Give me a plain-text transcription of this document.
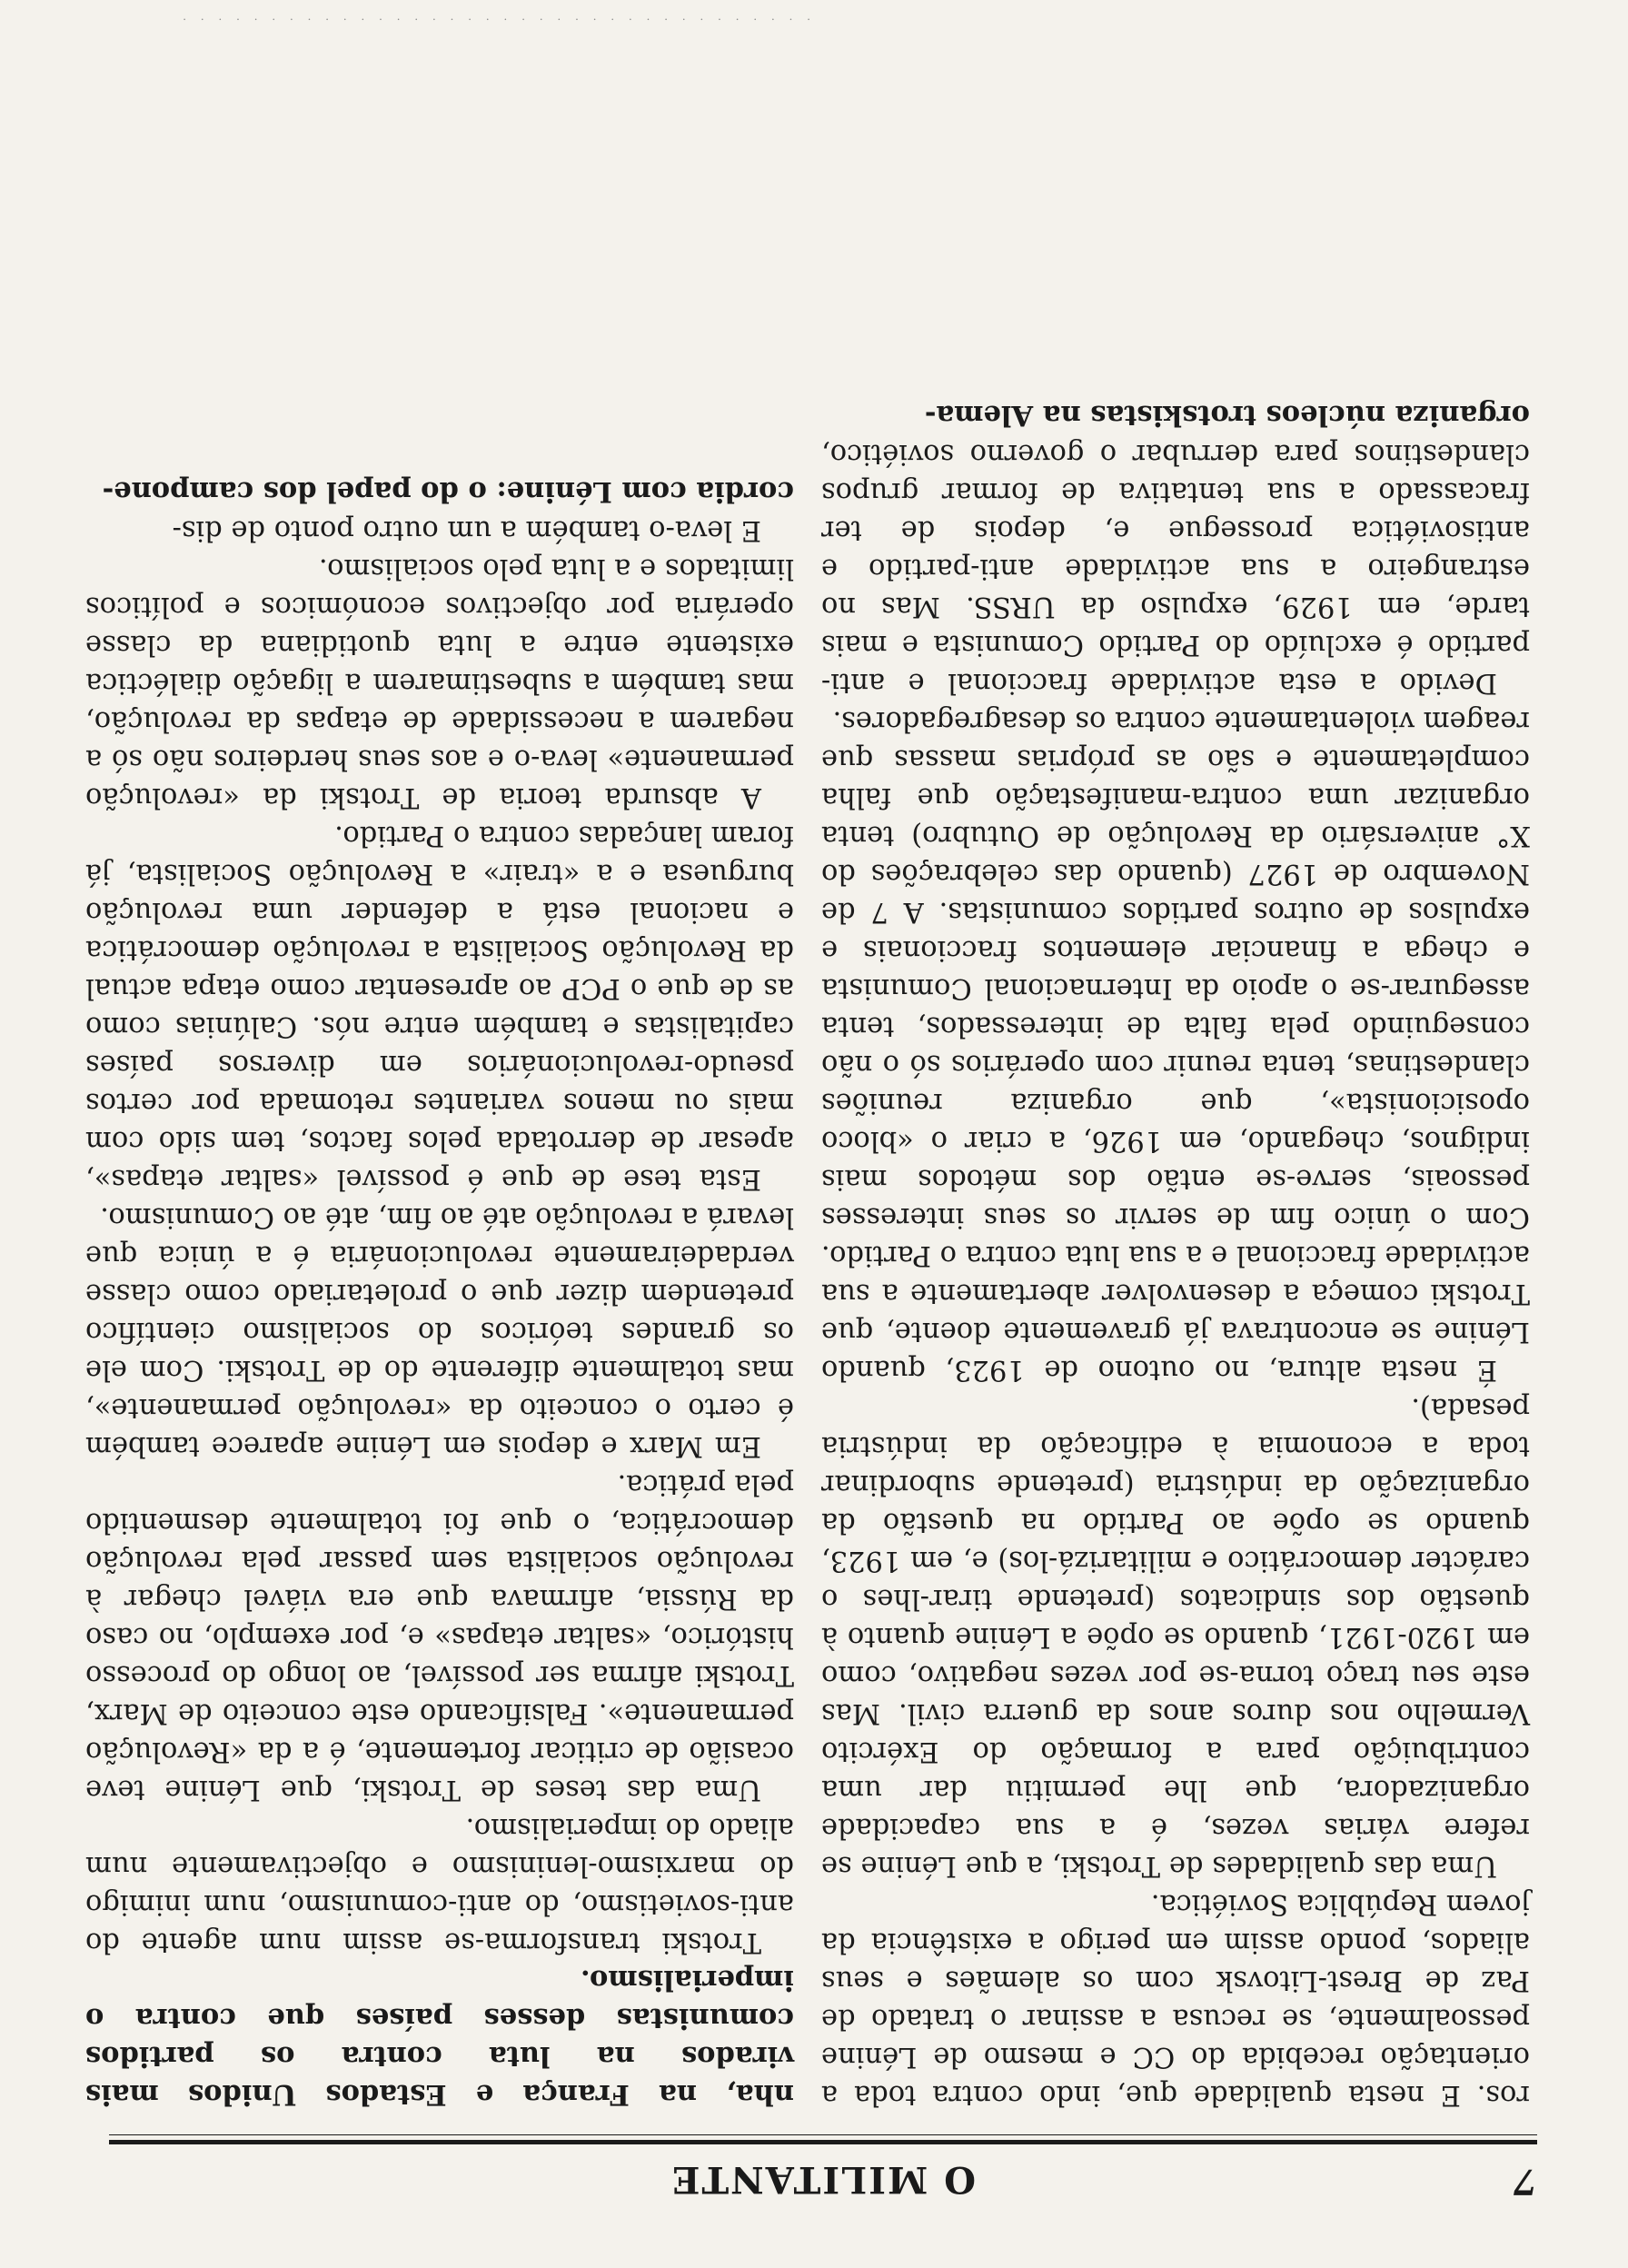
7
O MILITANTE

ros. E nesta qualidade que, indo contra toda a orientação recebida do CC e mesmo de Lénine pessoalmente, se recusa a assinar o tratado de Paz de Brest-Litovsk com os alemães e seus aliados, pondo assim em perigo a existência da jovem República Soviética.

Uma das qualidades de Trotski, a que Lénine se refere várias vezes, é a sua capacidade organizadora, que lhe permitiu dar uma contribuição para a formação do Exército Vermelho nos duros anos da guerra civil. Mas este seu traço torna-se por vezes negativo, como em 1920-1921, quando se opõe a Lénine quanto à questão dos sindicatos (pretende tirar-lhes o carácter democrático e militarizá-los) e, em 1923, quando se opõe ao Partido na questão da organização da indústria (pretende subordinar toda a economia à edificação da indústria pesada).

É nesta altura, no outono de 1923, quando Lénine se encontrava já gravemente doente, que Trotski começa a desenvolver abertamente a sua actividade fraccional e a sua luta contra o Partido. Com o único fim de servir os seus interesses pessoais, serve-se então dos métodos mais indignos, chegando, em 1926, a criar o «bloco oposicionista», que organiza reuniões clandestinas, tenta reunir com operários só o não conseguindo pela falta de interessados, tenta assegurar-se o apoio da Internacional Comunista e chega a financiar elementos fraccionais e expulsos de outros partidos comunistas. A 7 de Novembro de 1927 (quando das celebrações do X° aniversário da Revolução de Outubro) tenta organizar uma contra-manifestação que falha completamente e são as próprias massas que reagem violentamente contra os desagregadores.

Devido a esta actividade fraccional e anti-partido é excluído do Partido Comunista e mais tarde, em 1929, expulso da URSS. Mas no estrangeiro a sua actividade anti-partido e antisoviética prossegue e, depois de ter fracassado a sua tentativa de formar grupos clandestinos para derrubar o governo soviético, organiza núcleos trotskistas na Alema-

nha, na França e Estados Unidos mais virados na luta contra os partidos comunistas desses países que contra o imperialismo.

Trotski transforma-se assim num agente do anti-sovietismo, do anti-comunismo, num inimigo do marxismo-leninismo e objectivamente num aliado do imperialismo.

Uma das teses de Trotski, que Lénine teve ocasião de criticar fortemente, é a da «Revolução permanente». Falsificando este conceito de Marx, Trotski afirma ser possível, ao longo do processo histórico, «saltar etapas» e, por exemplo, no caso da Rússia, afirmava que era viável chegar à revolução socialista sem passar pela revolução democrática, o que foi totalmente desmentido pela prática.

Em Marx e depois em Lénine aparece também é certo o conceito da «revolução permanente», mas totalmente diferente do de Trotski. Com ele os grandes teóricos do socialismo científico pretendem dizer que o proletariado como classe verdadeiramente revolucionária é a única que levará a revolução até ao fim, até ao Comunismo.

Esta tese de que é possível «saltar etapas», apesar de derrotada pelos factos, tem sido com mais ou menos variantes retomada por certos pseudo-revolucionários em diversos países capitalistas e também entre nós. Calúnias como as de que o PCP ao apresentar como etapa actual da Revolução Socialista a revolução democrática e nacional está a defender uma revolução burguesa e a «trair» a Revolução Socialista, já foram lançadas contra o Partido.

A absurda teoria de Trotski da «revolução permanente» leva-o e aos seus herdeiros não só a negarem a necessidade de etapas da revolução, mas também a subestimarem a ligação dialéctica existente entre a luta quotidiana da classe operária por objectivos económicos e políticos limitados e a luta pelo socialismo.

E leva-o também a um outro ponto de dis-

cordia com Lénine: o do papel dos campone-

· · · · · · · · · · · · · · · · · · · · · · · · · · · · · · · · · · · ·
